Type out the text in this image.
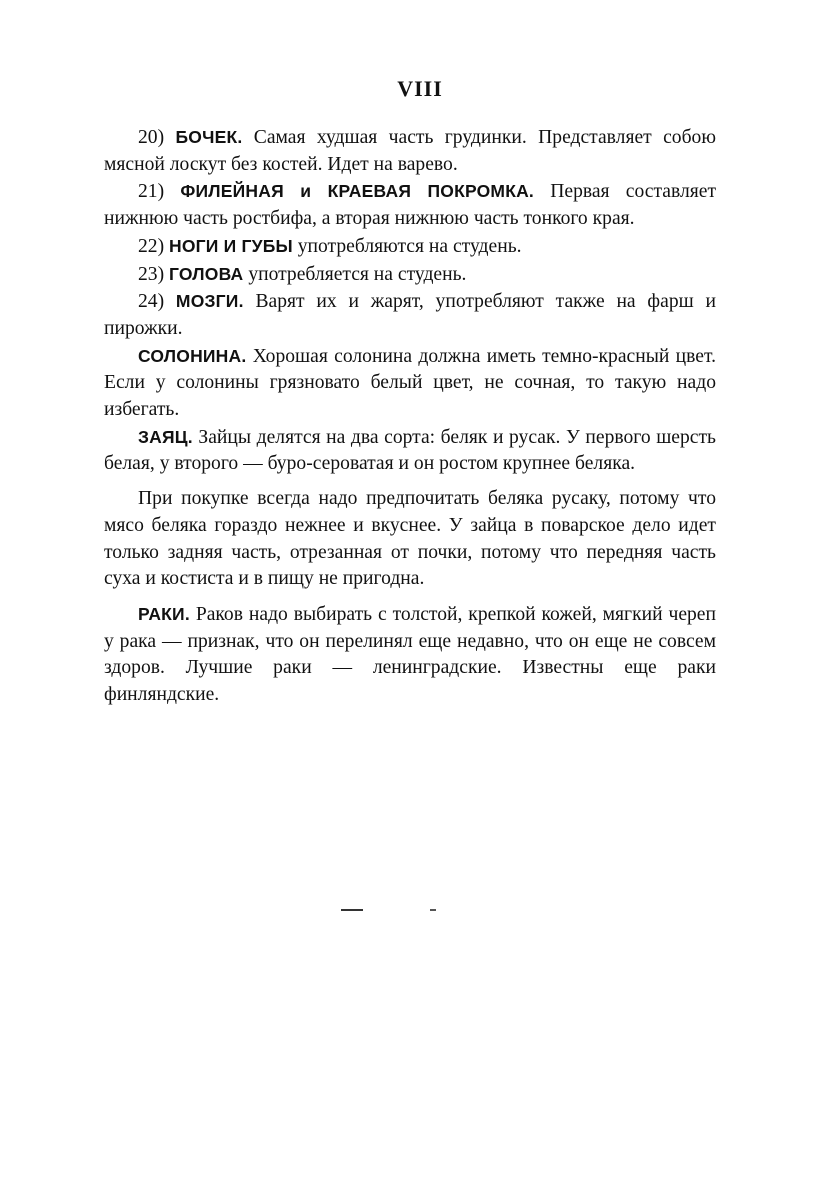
VIII

20) БОЧЕК. Самая худшая часть грудинки. Представляет собою мясной лоскут без костей. Идет на варево.

21) ФИЛЕЙНАЯ и КРАЕВАЯ ПОКРОМКА. Первая составляет нижнюю часть ростбифа, а вторая нижнюю часть тонкого края.

22) НОГИ И ГУБЫ употребляются на студень.

23) ГОЛОВА употребляется на студень.

24) МОЗГИ. Варят их и жарят, употребляют также на фарш и пирожки.

СОЛОНИНА. Хорошая солонина должна иметь темно-красный цвет. Если у солонины грязновато белый цвет, не сочная, то такую надо избегать.

ЗАЯЦ. Зайцы делятся на два сорта: беляк и русак. У первого шерсть белая, у второго — буро-сероватая и он ростом крупнее беляка.

При покупке всегда надо предпочитать беляка русаку, потому что мясо беляка гораздо нежнее и вкуснее. У зайца в поварское дело идет только задняя часть, отрезанная от почки, потому что передняя часть суха и костиста и в пищу не пригодна.

РАКИ. Раков надо выбирать с толстой, крепкой кожей, мягкий череп у рака — признак, что он перелинял еще недавно, что он еще не совсем здоров. Лучшие раки — ленинградские. Известны еще раки финляндские.
